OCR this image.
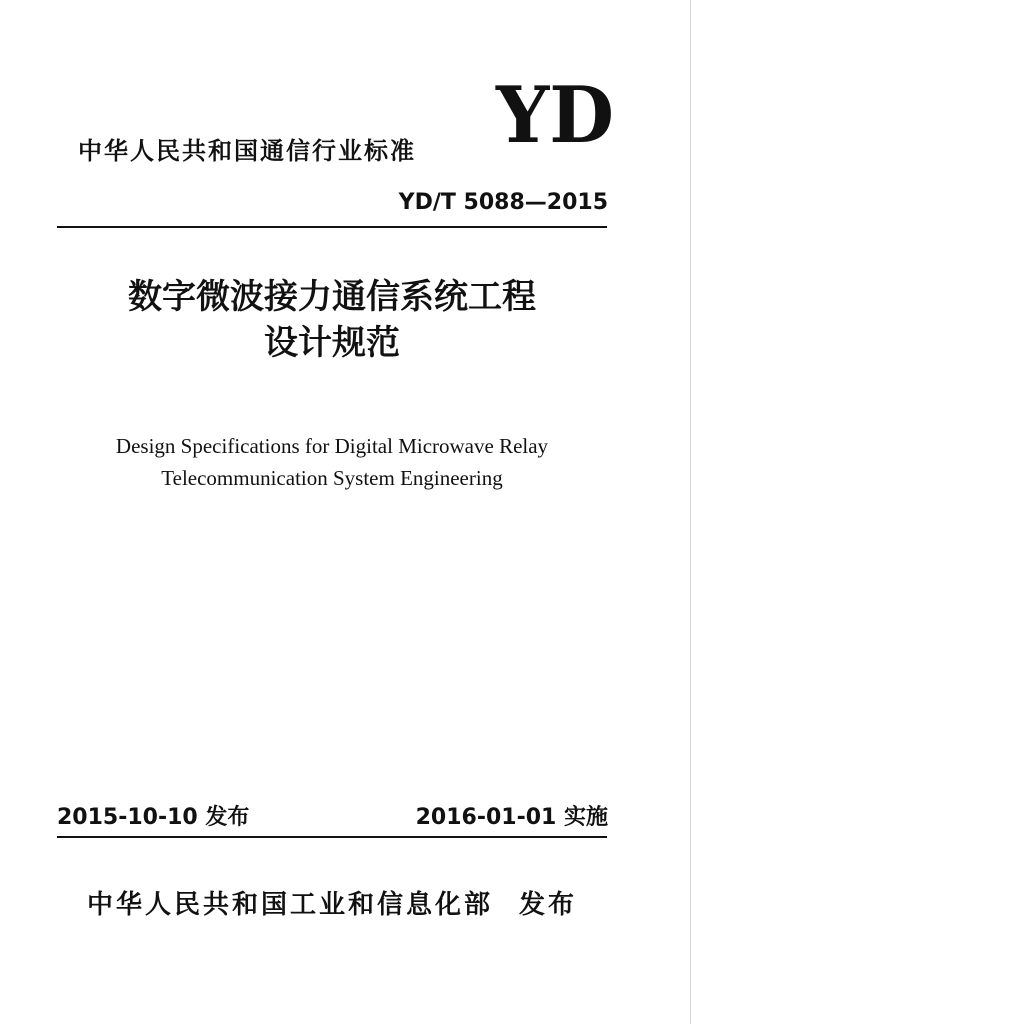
中华人民共和国通信行业标准 YD
YD/T 5088—2015
数字微波接力通信系统工程
设计规范
Design Specifications for Digital Microwave Relay
Telecommunication System Engineering
2015-10-10 发布	2016-01-01 实施
中华人民共和国工业和信息化部 发布
